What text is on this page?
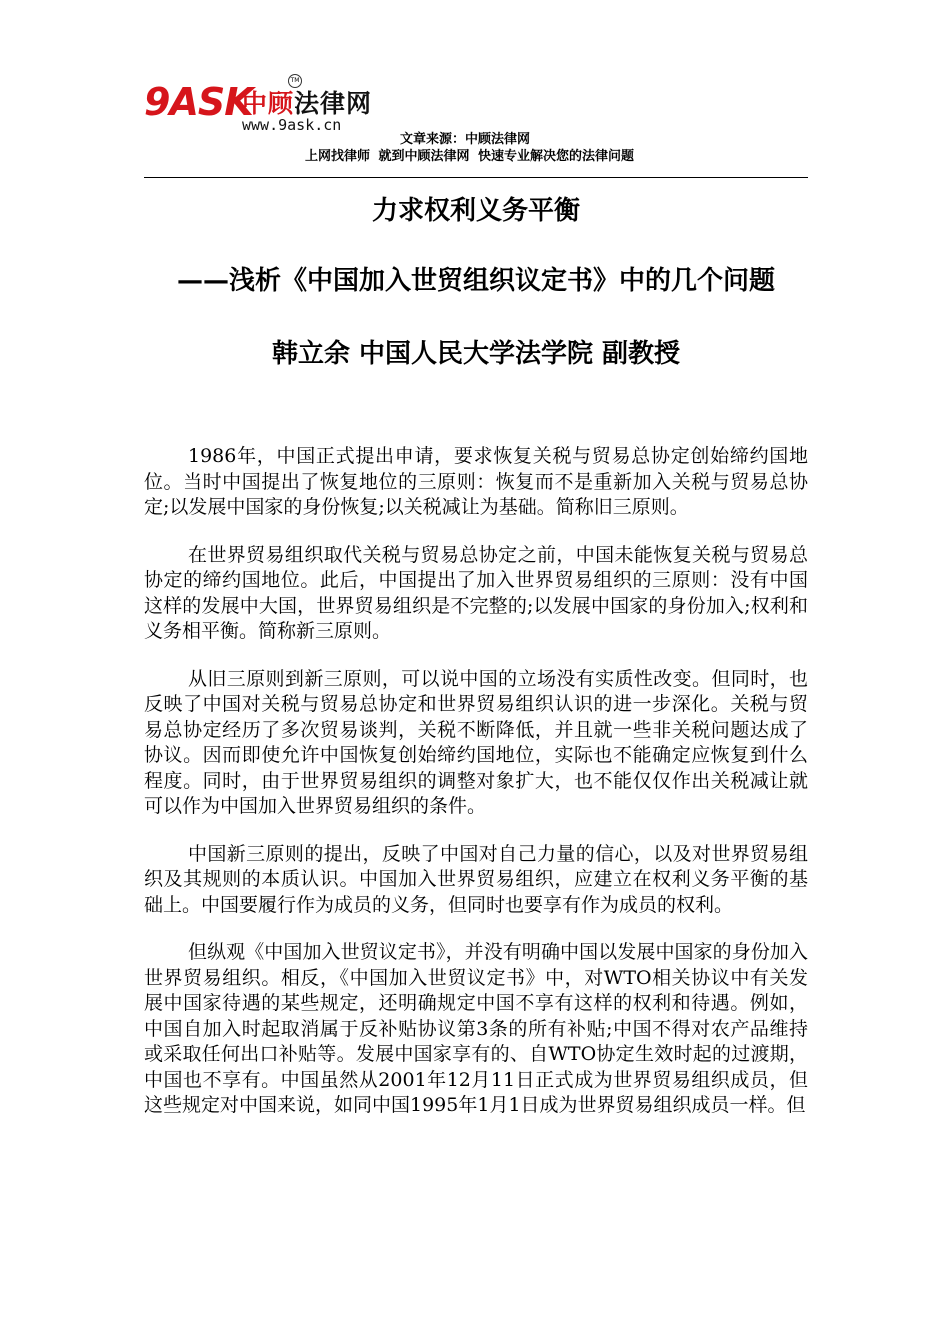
9ASK
中顾法律网
TM
www.9ask.cn
文章来源：中顾法律网
上网找律师 就到中顾法律网 快速专业解决您的法律问题
力求权利义务平衡
——浅析《中国加入世贸组织议定书》中的几个问题
韩立余 中国人民大学法学院 副教授

1986年，中国正式提出申请，要求恢复关税与贸易总协定创始缔约国地位。当时中国提出了恢复地位的三原则：恢复而不是重新加入关税与贸易总协定;以发展中国家的身份恢复;以关税减让为基础。简称旧三原则。

在世界贸易组织取代关税与贸易总协定之前，中国未能恢复关税与贸易总协定的缔约国地位。此后，中国提出了加入世界贸易组织的三原则：没有中国这样的发展中大国，世界贸易组织是不完整的;以发展中国家的身份加入;权利和义务相平衡。简称新三原则。

从旧三原则到新三原则，可以说中国的立场没有实质性改变。但同时，也反映了中国对关税与贸易总协定和世界贸易组织认识的进一步深化。关税与贸易总协定经历了多次贸易谈判，关税不断降低，并且就一些非关税问题达成了协议。因而即使允许中国恢复创始缔约国地位，实际也不能确定应恢复到什么程度。同时，由于世界贸易组织的调整对象扩大，也不能仅仅作出关税减让就可以作为中国加入世界贸易组织的条件。

中国新三原则的提出，反映了中国对自己力量的信心，以及对世界贸易组织及其规则的本质认识。中国加入世界贸易组织，应建立在权利义务平衡的基础上。中国要履行作为成员的义务，但同时也要享有作为成员的权利。

但纵观《中国加入世贸议定书》，并没有明确中国以发展中国家的身份加入世界贸易组织。相反，《中国加入世贸议定书》中，对WTO相关协议中有关发展中国家待遇的某些规定，还明确规定中国不享有这样的权利和待遇。例如，中国自加入时起取消属于反补贴协议第3条的所有补贴;中国不得对农产品维持或采取任何出口补贴等。发展中国家享有的、自WTO协定生效时起的过渡期，中国也不享有。中国虽然从2001年12月11日正式成为世界贸易组织成员，但这些规定对中国来说，如同中国1995年1月1日成为世界贸易组织成员一样。但
